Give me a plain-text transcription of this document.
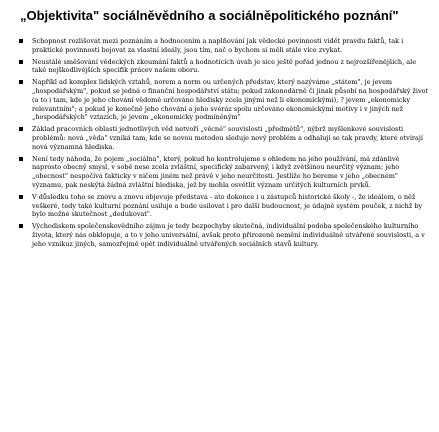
„Objektivita" sociálněvědního a sociálněpolitického poznání"
Schopnost rozlišovat mezi poznáním a hodnocením a naplňování jak vědecké povinnosti vidět pravdu faktů, tak i praktické povinnosti bojovat za vlastní ideály, jsou tím, nač o bychom si měli stále více zvykat.
Neustálé směšování vědeckých zkoumání faktů a hodnotících úvah je sice ještě pořád jednou z nejrozšířenějších, ale také nejškodlivějších specifik prácev našem oboru.
Napříkl ad komplex lidských vztahů, norem a norm ou určených představ, který nazýváme „státem", je jevem „hospodářským", pokud se jedná o finanční hospodářství státu; pokud zákonodárně či jinak působí na hospodářský život (a to i tam, kde je jeho chování vědomě určováno hledisky zcela jinými než li ekonomickými), ? jevem „ekonomicky relevantním"; a pokud je konečně jeho chování a jeho svéráz spolu určováno ekonomickými motivy i v jiných než „hospodářských" vztazích, je jevem „ekonomicky podmíněným"
Základ pracovních oblastí jednotlivých věd netvoří „věcné" souvislosti „předmětů", nýbrž myšlenkové souvislosti problémů: nová „věda" vzniká tam, kde se novou metodou sleduje nový problém a odhalují se tak pravdy, které otvírají nová významná hlediska.
Není tedy náhoda, že pojem „sociálna", který, pokud ho kontrolujeme s ohledem na jeho používání, má zdánlivě naprosto obecný smysl, v sobě nese zcela zvláštní, specifický zabarvený, i když zvětšinou neurčitý význam; jeho „obecnost" nespočívá fakticky v ničem jiném než právě v jeho neurčitosti. Jestliže ho bereme v jeho „obecném" významu, pak neskýtá žádná zvláštní hlediska, jež by mohla osvětlit význam určitých kulturních prvků.
V důsledku toho se znovu a znovu objevuje představa - ato dokonce i u zástupců historické školy -, že ideálem, o něž veškeré, tedy také kulturní poznání usiluje a bude usilovat i pro další budoucnost, je údajně systém pouček, z nichž by bylo možné skutečnost „dedukovat".
Východiskem společenskovědního zájmu je tedy bezpochyby skutečná, individuální podoba společenského kulturního života, který nás obklopuje, a to v jeho universální, avšak proto přirozeně nemění individuálně utvářené souvislosti, a v jeho vznikuz jiných, samozřejmě opět individuálně utvářených sociálních stavů kultury.
